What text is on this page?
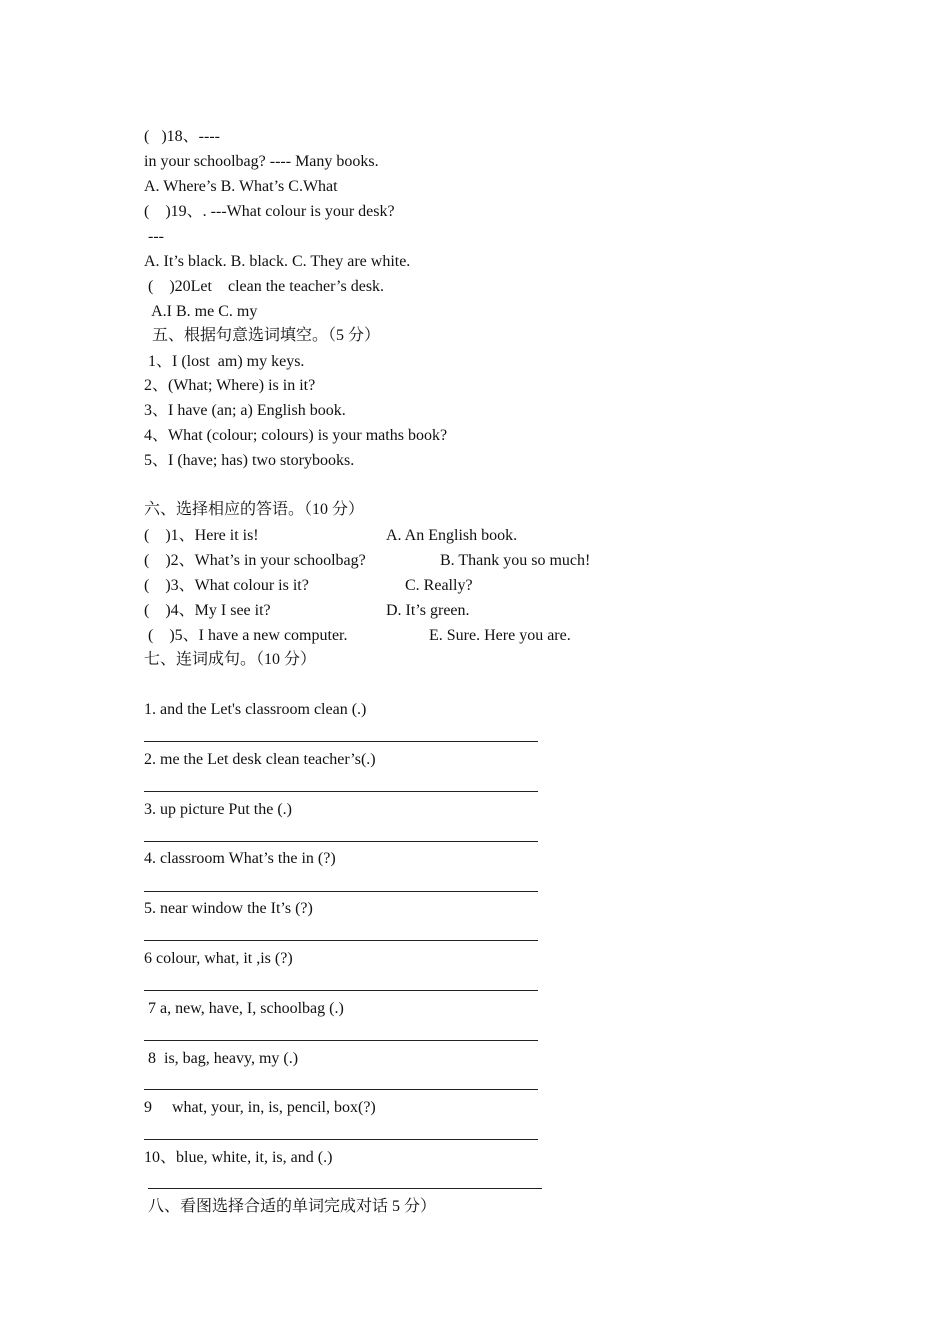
(   )18、----
in your schoolbag? ---- Many books.
A. Where’s B. What’s C.What
(    )19、. ---What colour is your desk?
---
A. It’s black. B. black. C. They are white.
(    )20Let    clean the teacher’s desk.
A.I B. me C. my
五、根据句意选词填空。（5 分）
1、I (lost  am) my keys.
2、(What; Where) is in it?
3、I have (an; a) English book.
4、What (colour; colours) is your maths book?
5、I (have; has) two storybooks.
六、选择相应的答语。（10 分）
(    )1、Here it is!	A. An English book.
(    )2、What’s in your schoolbag?	B. Thank you so much!
(    )3、What colour is it?	C. Really?
(    )4、My I see it?	D. It’s green.
(    )5、I have a new computer.	E. Sure. Here you are.
七、连词成句。（10 分）
1. and the Let's classroom clean (.)
2. me the Let desk clean teacher’s(.)
3. up picture Put the (.)
4. classroom What’s the in (?)
5. near window the It’s (?)
6 colour, what, it ,is (?)
7 a, new, have, I, schoolbag (.)
8  is, bag, heavy, my (.)
9     what, your, in, is, pencil, box(?)
10、blue, white, it, is, and (.)
八、看图选择合适的单词完成对话 5 分）
